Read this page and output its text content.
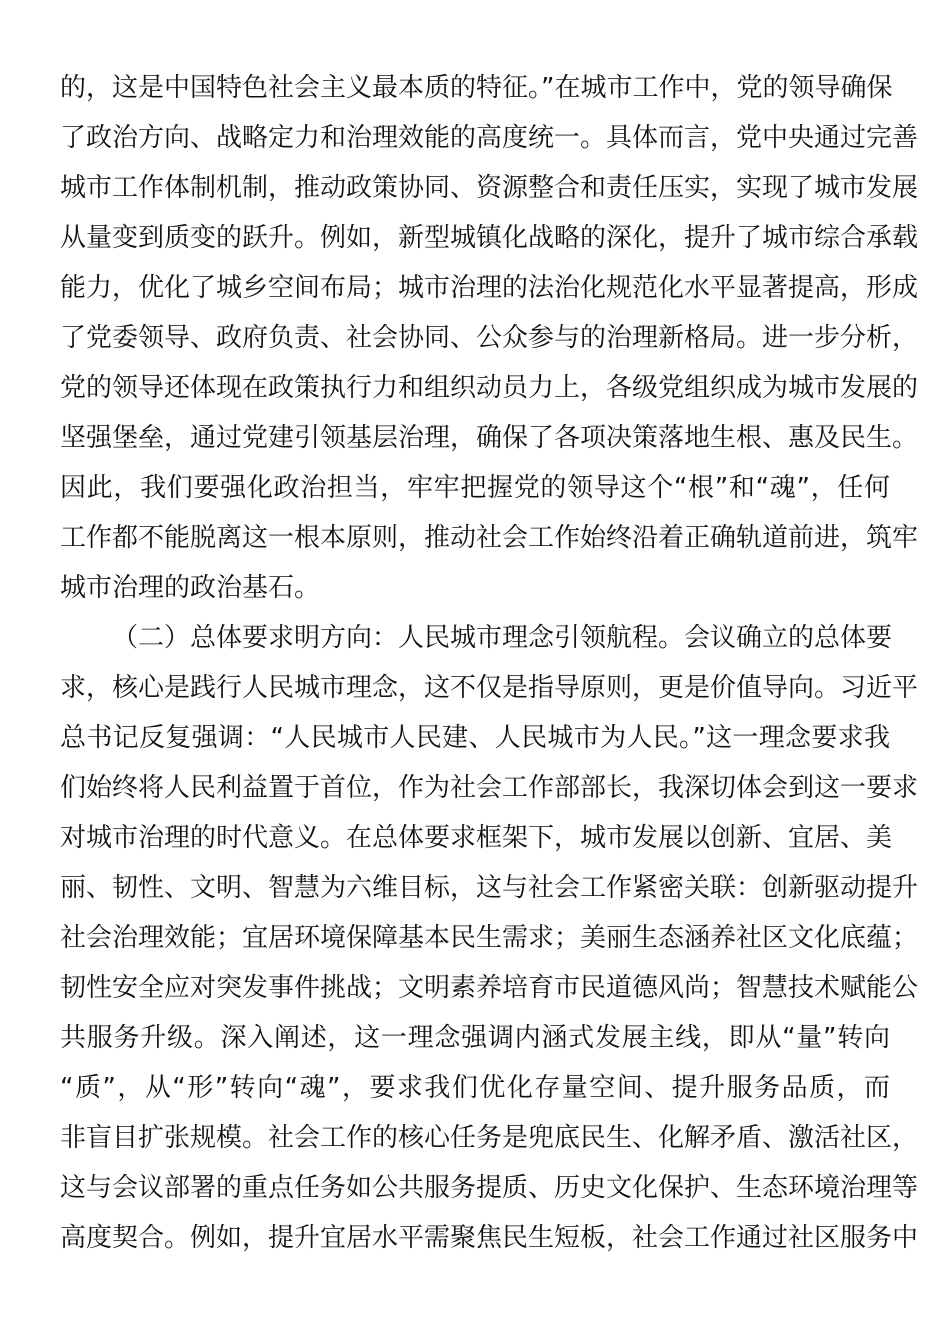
的，这是中国特色社会主义最本质的特征。”在城市工作中，党的领导确保
了政治方向、战略定力和治理效能的高度统一。具体而言，党中央通过完善
城市工作体制机制，推动政策协同、资源整合和责任压实，实现了城市发展
从量变到质变的跃升。例如，新型城镇化战略的深化，提升了城市综合承载
能力，优化了城乡空间布局；城市治理的法治化规范化水平显著提高，形成
了党委领导、政府负责、社会协同、公众参与的治理新格局。进一步分析，
党的领导还体现在政策执行力和组织动员力上，各级党组织成为城市发展的
坚强堡垒，通过党建引领基层治理，确保了各项决策落地生根、惠及民生。
因此，我们要强化政治担当，牢牢把握党的领导这个“根”和“魂”，任何
工作都不能脱离这一根本原则，推动社会工作始终沿着正确轨道前进，筑牢
城市治理的政治基石。
（二）总体要求明方向：人民城市理念引领航程。会议确立的总体要
求，核心是践行人民城市理念，这不仅是指导原则，更是价值导向。习近平
总书记反复强调：“人民城市人民建、人民城市为人民。”这一理念要求我
们始终将人民利益置于首位，作为社会工作部部长，我深切体会到这一要求
对城市治理的时代意义。在总体要求框架下，城市发展以创新、宜居、美
丽、韧性、文明、智慧为六维目标，这与社会工作紧密关联：创新驱动提升
社会治理效能；宜居环境保障基本民生需求；美丽生态涵养社区文化底蕴；
韧性安全应对突发事件挑战；文明素养培育市民道德风尚；智慧技术赋能公
共服务升级。深入阐述，这一理念强调内涵式发展主线，即从“量”转向
“质”，从“形”转向“魂”，要求我们优化存量空间、提升服务品质，而
非盲目扩张规模。社会工作的核心任务是兜底民生、化解矛盾、激活社区，
这与会议部署的重点任务如公共服务提质、历史文化保护、生态环境治理等
高度契合。例如，提升宜居水平需聚焦民生短板，社会工作通过社区服务中
